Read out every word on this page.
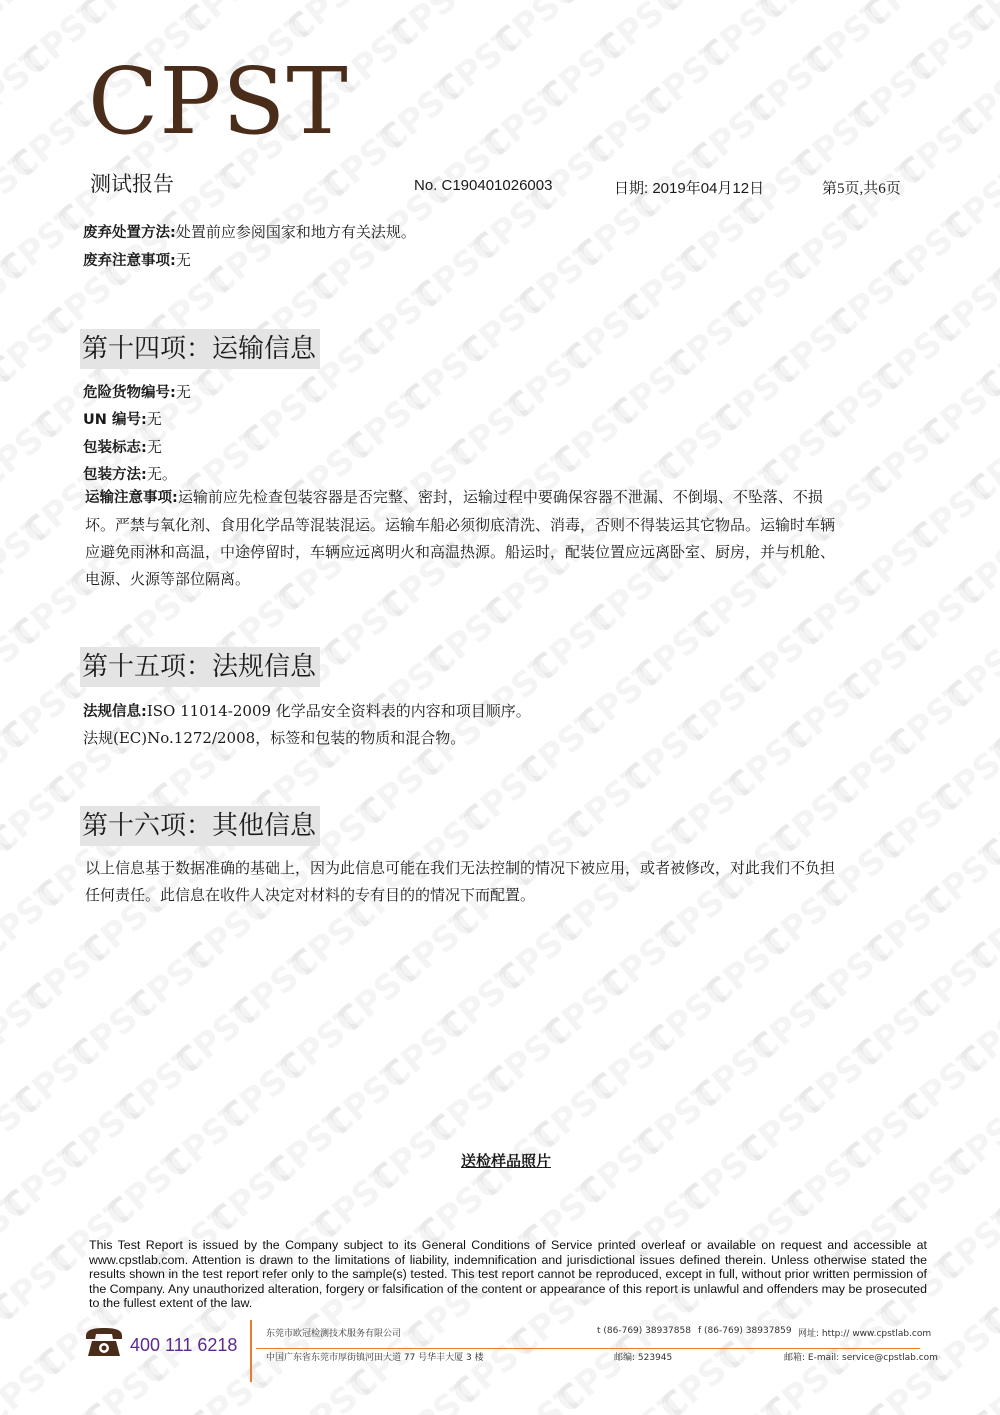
CPST
测试报告	No. C190401026003	日期: 2019年04月12日	第5页,共6页
废弃处置方法:处置前应参阅国家和地方有关法规。
废弃注意事项:无
第十四项：运输信息
危险货物编号:无
UN 编号:无
包装标志:无
包装方法:无。
运输注意事项:运输前应先检查包装容器是否完整、密封，运输过程中要确保容器不泄漏、不倒塌、不坠落、不损
坏。严禁与氧化剂、食用化学品等混装混运。运输车船必须彻底清洗、消毒，否则不得装运其它物品。运输时车辆
应避免雨淋和高温，中途停留时，车辆应远离明火和高温热源。船运时，配装位置应远离卧室、厨房，并与机舱、
电源、火源等部位隔离。
第十五项：法规信息
法规信息:ISO 11014-2009 化学品安全资料表的内容和项目顺序。
法规(EC)No.1272/2008，标签和包装的物质和混合物。
第十六项：其他信息
以上信息基于数据准确的基础上，因为此信息可能在我们无法控制的情况下被应用，或者被修改，对此我们不负担
任何责任。此信息在收件人决定对材料的专有目的的情况下而配置。
送检样品照片
This Test Report is issued by the Company subject to its General Conditions of Service printed overleaf or available on request and accessible at www.cpstlab.com. Attention is drawn to the limitations of liability, indemnification and jurisdictional issues defined therein. Unless otherwise stated the results shown in the test report refer only to the sample(s) tested. This test report cannot be reproduced, except in full, without prior written permission of the Company. Any unauthorized alteration, forgery or falsification of the content or appearance of this report is unlawful and offenders may be prosecuted to the fullest extent of the law.
400 111 6218
东莞市欧冠检测技术服务有限公司	t (86-769) 38937858 f (86-769) 38937859 网址: http:// www.cpstlab.com
中国广东省东莞市厚街镇河田大道 77 号华丰大厦 3 楼	邮编: 523945	邮箱: E-mail: service@cpstlab.com
